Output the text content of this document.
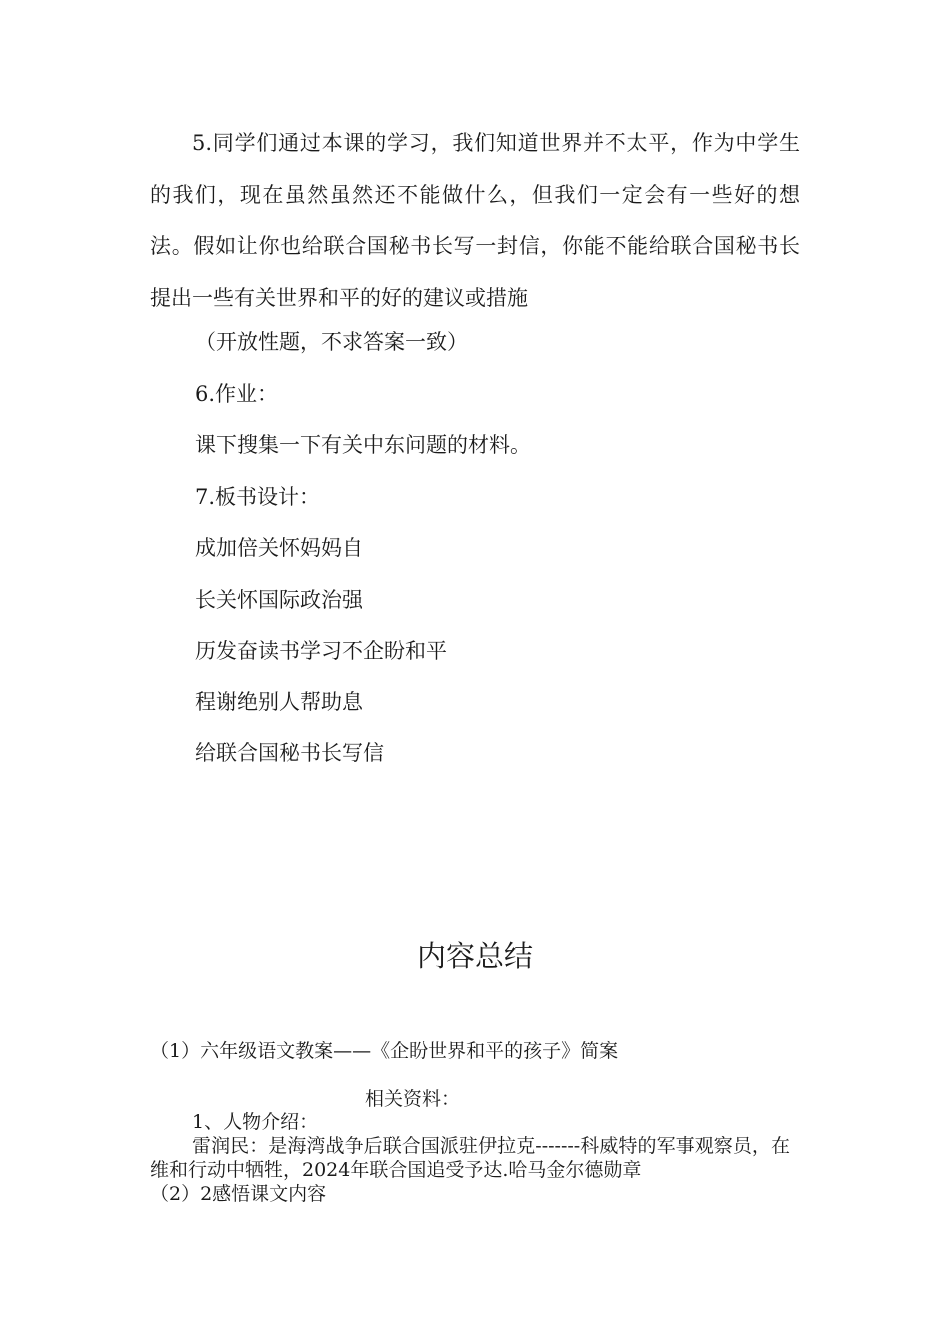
5.同学们通过本课的学习，我们知道世界并不太平，作为中学生的我们，现在虽然虽然还不能做什么，但我们一定会有一些好的想法。假如让你也给联合国秘书长写一封信，你能不能给联合国秘书长提出一些有关世界和平的好的建议或措施
（开放性题，不求答案一致）
6.作业：
课下搜集一下有关中东问题的材料。
7.板书设计：
成加倍关怀妈妈自
长关怀国际政治强
历发奋读书学习不企盼和平
程谢绝别人帮助息
给联合国秘书长写信
内容总结
（1）六年级语文教案——《企盼世界和平的孩子》简案
相关资料：
1、人物介绍：
雷润民：是海湾战争后联合国派驻伊拉克-------科威特的军事观察员，在维和行动中牺牲，2024年联合国追受予达.哈马金尔德勋章
（2）2感悟课文内容
